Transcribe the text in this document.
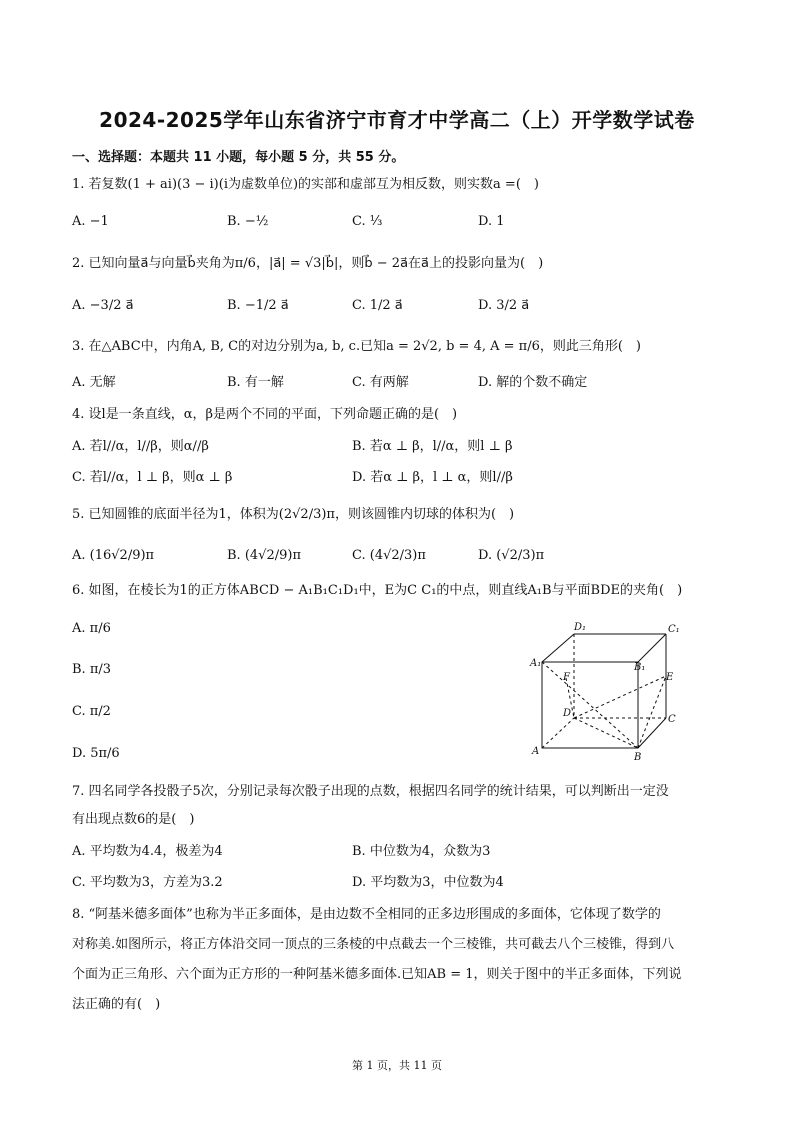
2024-2025学年山东省济宁市育才中学高二（上）开学数学试卷
一、选择题：本题共 11 小题，每小题 5 分，共 55 分。
1. 若复数(1 + ai)(3 − i)(i为虚数单位)的实部和虚部互为相反数，则实数a =(　)
A. −1	B. −½	C. ⅓	D. 1
2. 已知向量a⃗与向量b⃗夹角为π/6，|a⃗| = √3|b⃗|，则b⃗ − 2a⃗在a⃗上的投影向量为(　)
A. −3/2 a⃗	B. −1/2 a⃗	C. 1/2 a⃗	D. 3/2 a⃗
3. 在△ABC中，内角A, B, C的对边分别为a, b, c.已知a = 2√2, b = 4, A = π/6，则此三角形(　)
A. 无解	B. 有一解	C. 有两解	D. 解的个数不确定
4. 设l是一条直线，α，β是两个不同的平面，下列命题正确的是(　)
A. 若l//α，l//β，则α//β	B. 若α ⊥ β，l//α，则l ⊥ β
C. 若l//α，l ⊥ β，则α ⊥ β	D. 若α ⊥ β，l ⊥ α，则l//β
5. 已知圆锥的底面半径为1，体积为(2√2/3)π，则该圆锥内切球的体积为(　)
A. (16√2/9)π	B. (4√2/9)π	C. (4√2/3)π	D. (√2/3)π
6. 如图，在棱长为1的正方体ABCD − A₁B₁C₁D₁中，E为C C₁的中点，则直线A₁B与平面BDE的夹角(　)
A. π/6
B. π/3
C. π/2
D. 5π/6
D₁	C₁
A₁	B₁
E
F
D
C
A
B
7. 四名同学各投骰子5次，分别记录每次骰子出现的点数，根据四名同学的统计结果，可以判断出一定没
有出现点数6的是(　)
A. 平均数为4.4，极差为4	B. 中位数为4，众数为3
C. 平均数为3，方差为3.2	D. 平均数为3，中位数为4
8. “阿基米德多面体”也称为半正多面体，是由边数不全相同的正多边形围成的多面体，它体现了数学的
对称美.如图所示，将正方体沿交同一顶点的三条棱的中点截去一个三棱锥，共可截去八个三棱锥，得到八
个面为正三角形、六个面为正方形的一种阿基米德多面体.已知AB = 1，则关于图中的半正多面体，下列说
法正确的有(　)
第 1 页，共 11 页
